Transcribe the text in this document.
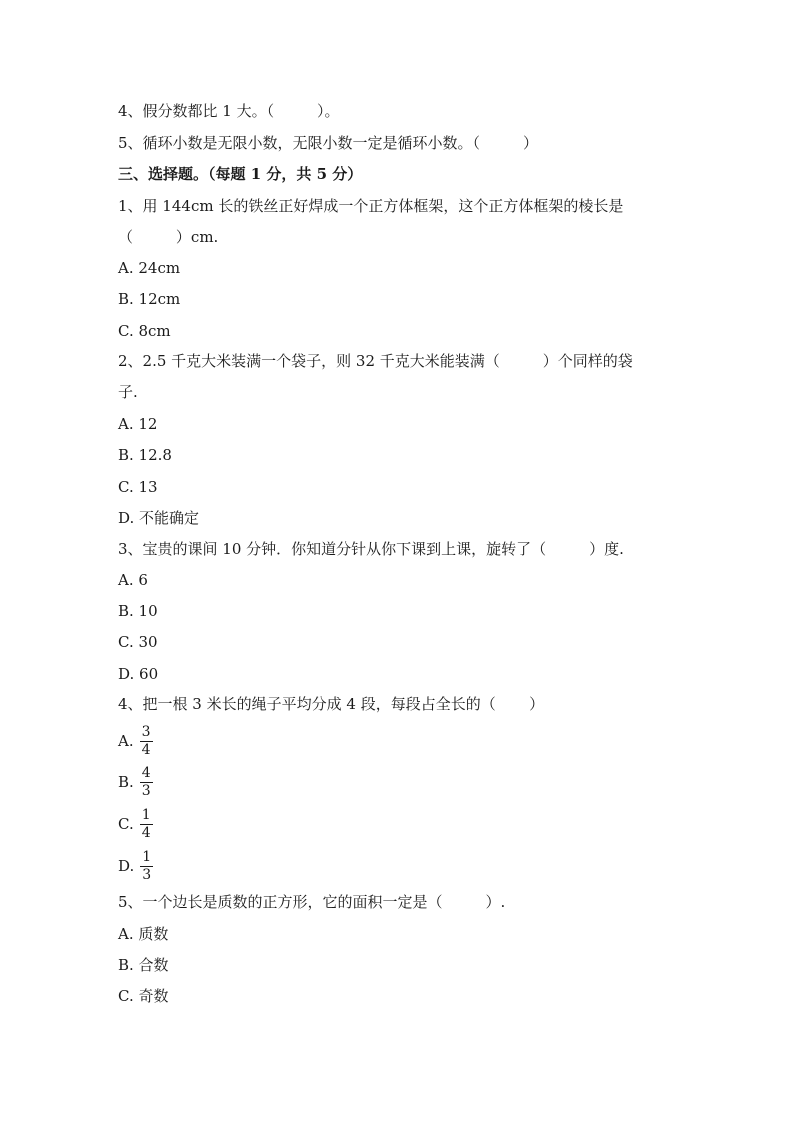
4、假分数都比 1 大。（         ）。
5、循环小数是无限小数，无限小数一定是循环小数。（         ）
三、选择题。（每题 1 分，共 5 分）
1、用 144cm 长的铁丝正好焊成一个正方体框架，这个正方体框架的棱长是
（         ）cm.
A. 24cm
B. 12cm
C. 8cm
2、2.5 千克大米装满一个袋子，则 32 千克大米能装满（         ）个同样的袋
子.
A. 12
B. 12.8
C. 13
D. 不能确定
3、宝贵的课间 10 分钟．你知道分针从你下课到上课，旋转了（         ）度.
A. 6
B. 10
C. 30
D. 60
4、把一根 3 米长的绳子平均分成 4 段，每段占全长的（       ）
A. $\frac{3}{4}$
B. $\frac{4}{3}$
C. $\frac{1}{4}$
D. $\frac{1}{3}$
5、一个边长是质数的正方形，它的面积一定是（         ）.
A. 质数
B. 合数
C. 奇数
